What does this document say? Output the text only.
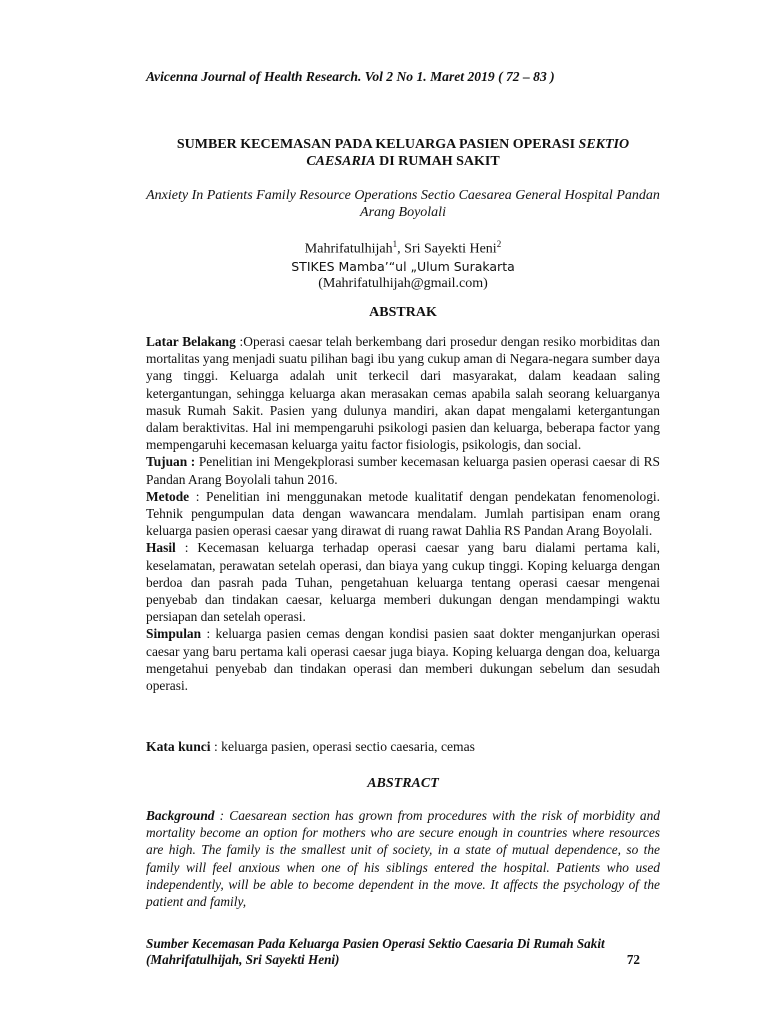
Avicenna Journal of Health Research. Vol 2 No 1. Maret 2019 ( 72 – 83 )
SUMBER KECEMASAN PADA KELUARGA PASIEN OPERASI SEKTIO CAESARIA DI RUMAH SAKIT
Anxiety In Patients Family Resource Operations Sectio Caesarea General Hospital Pandan Arang Boyolali
Mahrifatulhijah$^1$, Sri Sayekti Heni$^2$
STIKES Mamba’“ul „Ulum Surakarta
(Mahrifatulhijah@gmail.com)
ABSTRAK

Latar Belakang :Operasi caesar telah berkembang dari prosedur dengan resiko morbiditas dan mortalitas yang menjadi suatu pilihan bagi ibu yang cukup aman di Negara-negara sumber daya yang tinggi. Keluarga adalah unit terkecil dari masyarakat, dalam keadaan saling ketergantungan, sehingga keluarga akan merasakan cemas apabila salah seorang keluarganya masuk Rumah Sakit. Pasien yang dulunya mandiri, akan dapat mengalami ketergantungan dalam beraktivitas. Hal ini mempengaruhi psikologi pasien dan keluarga, beberapa factor yang mempengaruhi kecemasan keluarga yaitu factor fisiologis, psikologis, dan social.

Tujuan : Penelitian ini Mengekplorasi sumber kecemasan keluarga pasien operasi caesar di RS Pandan Arang Boyolali tahun 2016.

Metode : Penelitian ini menggunakan metode kualitatif dengan pendekatan fenomenologi. Tehnik pengumpulan data dengan wawancara mendalam. Jumlah partisipan enam orang keluarga pasien operasi caesar yang dirawat di ruang rawat Dahlia RS Pandan Arang Boyolali.

Hasil : Kecemasan keluarga terhadap operasi caesar yang baru dialami pertama kali, keselamatan, perawatan setelah operasi, dan biaya yang cukup tinggi. Koping keluarga dengan berdoa dan pasrah pada Tuhan, pengetahuan keluarga tentang operasi caesar mengenai penyebab dan tindakan caesar, keluarga memberi dukungan dengan mendampingi waktu persiapan dan setelah operasi.

Simpulan : keluarga pasien cemas dengan kondisi pasien saat dokter menganjurkan operasi caesar yang baru pertama kali operasi caesar juga biaya. Koping keluarga dengan doa, keluarga mengetahui penyebab dan tindakan operasi dan memberi dukungan sebelum dan sesudah operasi.

Kata kunci : keluarga pasien, operasi sectio caesaria, cemas
ABSTRACT

Background : Caesarean section has grown from procedures with the risk of morbidity and mortality become an option for mothers who are secure enough in countries where resources are high. The family is the smallest unit of society, in a state of mutual dependence, so the family will feel anxious when one of his siblings entered the hospital. Patients who used independently, will be able to become dependent in the move. It affects the psychology of the patient and family,

Sumber Kecemasan Pada Keluarga Pasien Operasi Sektio Caesaria Di Rumah Sakit
(Mahrifatulhijah, Sri Sayekti Heni)	72
